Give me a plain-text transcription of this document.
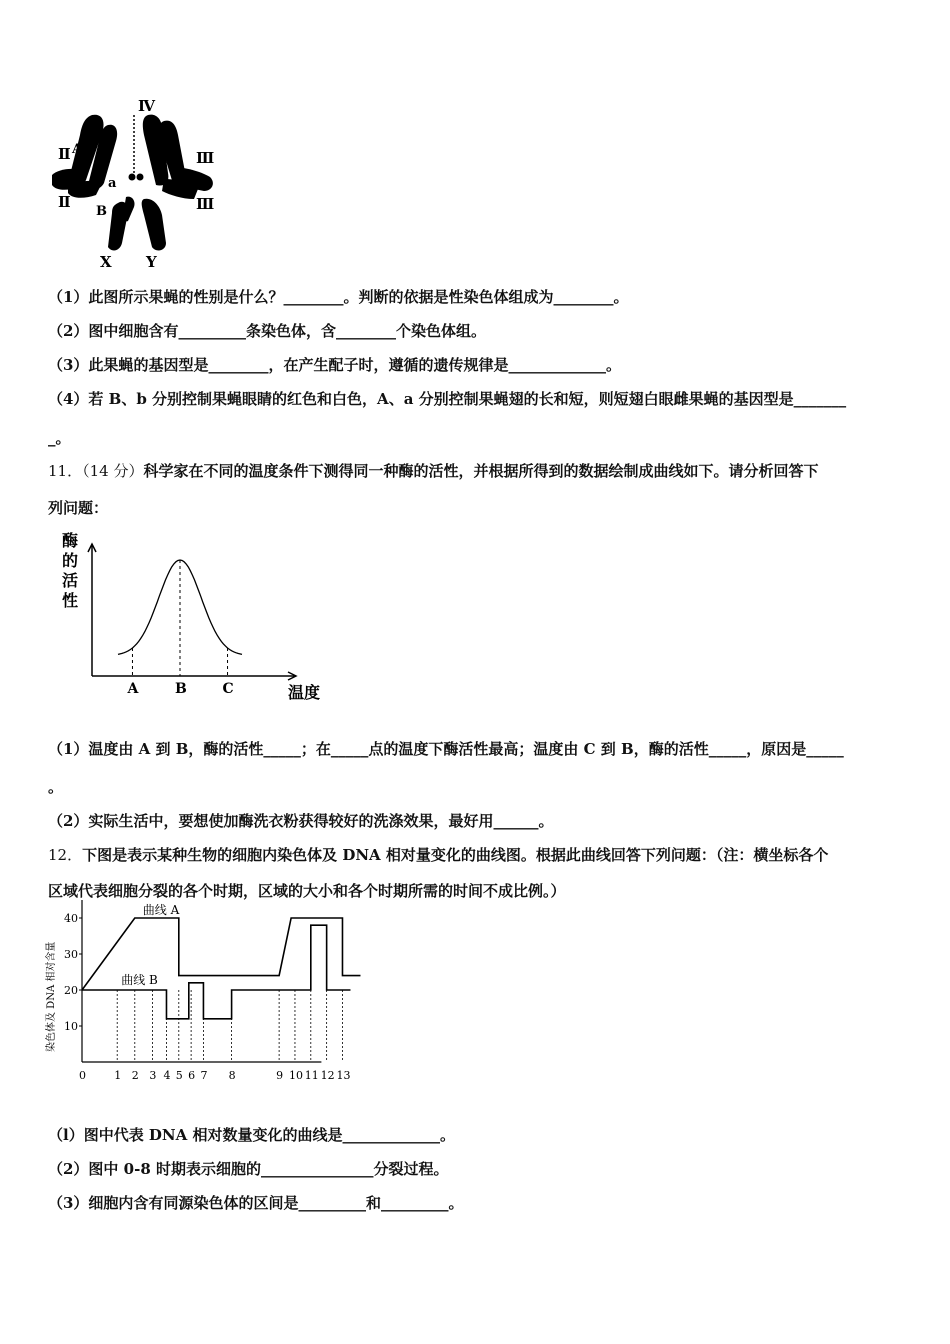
Ⅳ
Ⅱ
Ⅱ
Ⅲ
Ⅲ
A
a
B
X Y
（1）此图所示果蝇的性别是什么？________。判断的依据是性染色体组成为________。
（2）图中细胞含有_________条染色体，含________个染色体组。
（3）此果蝇的基因型是________，在产生配子时，遵循的遗传规律是_____________。
（4）若 B、b 分别控制果蝇眼睛的红色和白色，A、a 分别控制果蝇翅的长和短，则短翅白眼雌果蝇的基因型是_______
_。
11．（14 分）科学家在不同的温度条件下测得同一种酶的活性，并根据所得到的数据绘制成曲线如下。请分析回答下
列问题：
酶
的
活
性
温度
A	B	C
（1）温度由 A 到 B，酶的活性_____；在_____点的温度下酶活性最高；温度由 C 到 B，酶的活性_____，原因是_____
。
（2）实际生活中，要想使加酶洗衣粉获得较好的洗涤效果，最好用______。
12．下图是表示某种生物的细胞内染色体及 DNA 相对量变化的曲线图。根据此曲线回答下列问题：（注：横坐标各个
区域代表细胞分裂的各个时期，区域的大小和各个时期所需的时间不成比例。）
染色体及 DNA 相对含量 10
20
30
40
0	1 2 3 4 5 6 7 8	9 10 11 12 13
曲线 A
曲线 B
（l）图中代表 DNA 相对数量变化的曲线是_____________。
（2）图中 0-8 时期表示细胞的_______________分裂过程。
（3）细胞内含有同源染色体的区间是_________和_________。
